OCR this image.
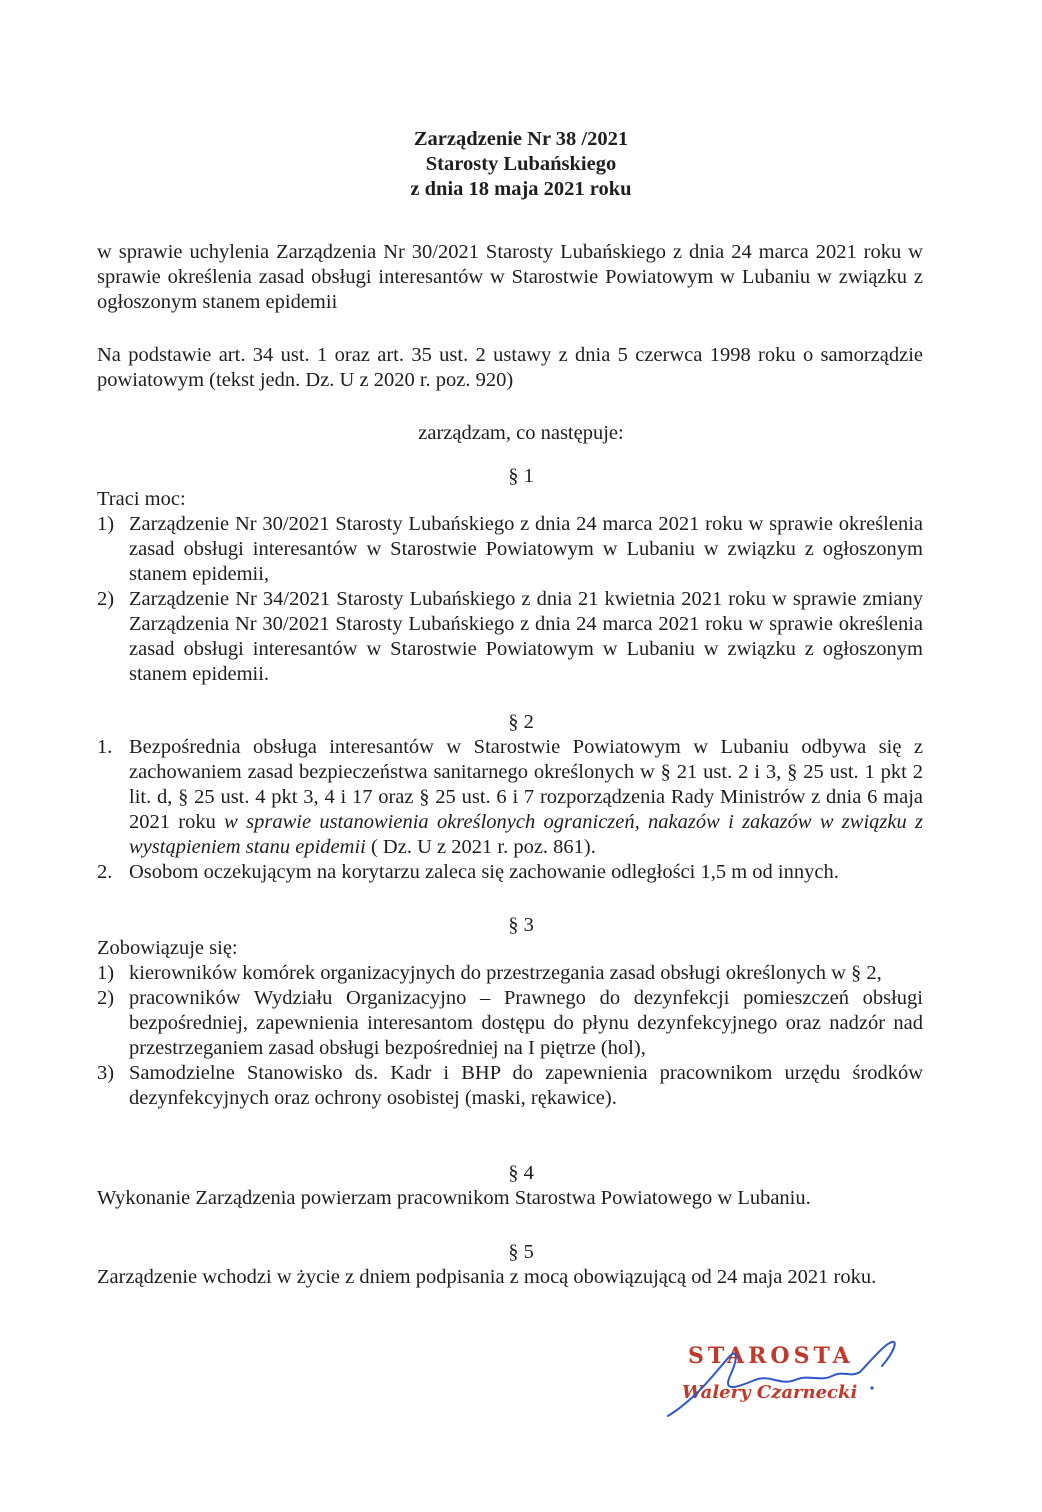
Zarządzenie Nr 38 /2021
Starosty Lubańskiego
z dnia 18 maja 2021 roku
w sprawie uchylenia Zarządzenia Nr 30/2021 Starosty Lubańskiego z dnia 24 marca 2021 roku w sprawie określenia zasad obsługi interesantów w Starostwie Powiatowym w Lubaniu w związku z ogłoszonym stanem epidemii
Na podstawie art. 34 ust. 1 oraz art. 35 ust. 2 ustawy z dnia 5 czerwca 1998 roku o samorządzie powiatowym (tekst jedn. Dz. U z 2020 r. poz. 920)
zarządzam, co następuje:
§ 1
Traci moc:
1) Zarządzenie Nr 30/2021 Starosty Lubańskiego z dnia 24 marca 2021 roku w sprawie określenia zasad obsługi interesantów w Starostwie Powiatowym w Lubaniu w związku z ogłoszonym stanem epidemii,
2) Zarządzenie Nr 34/2021 Starosty Lubańskiego z dnia 21 kwietnia 2021 roku w sprawie zmiany Zarządzenia Nr 30/2021 Starosty Lubańskiego z dnia 24 marca 2021 roku w sprawie określenia zasad obsługi interesantów w Starostwie Powiatowym w Lubaniu w związku z ogłoszonym stanem epidemii.
§ 2
1. Bezpośrednia obsługa interesantów w Starostwie Powiatowym w Lubaniu odbywa się z zachowaniem zasad bezpieczeństwa sanitarnego określonych w § 21 ust. 2 i 3, § 25 ust. 1 pkt 2 lit. d, § 25 ust. 4 pkt 3, 4 i 17 oraz § 25 ust. 6 i 7 rozporządzenia Rady Ministrów z dnia 6 maja 2021 roku w sprawie ustanowienia określonych ograniczeń, nakazów i zakazów w związku z wystąpieniem stanu epidemii ( Dz. U z 2021 r. poz. 861).
2. Osobom oczekującym na korytarzu zaleca się zachowanie odległości 1,5 m od innych.
§ 3
Zobowiązuje się:
1) kierowników komórek organizacyjnych do przestrzegania zasad obsługi określonych w § 2,
2) pracowników Wydziału Organizacyjno – Prawnego do dezynfekcji pomieszczeń obsługi bezpośredniej, zapewnienia interesantom dostępu do płynu dezynfekcyjnego oraz nadzór nad przestrzeganiem zasad obsługi bezpośredniej na I piętrze (hol),
3) Samodzielne Stanowisko ds. Kadr i BHP do zapewnienia pracownikom urzędu środków dezynfekcyjnych oraz ochrony osobistej (maski, rękawice).
§ 4
Wykonanie Zarządzenia powierzam pracownikom Starostwa Powiatowego w Lubaniu.
§ 5
Zarządzenie wchodzi w życie z dniem podpisania z mocą obowiązującą od 24 maja 2021 roku.
STAROSTA
Walery Czarnecki
